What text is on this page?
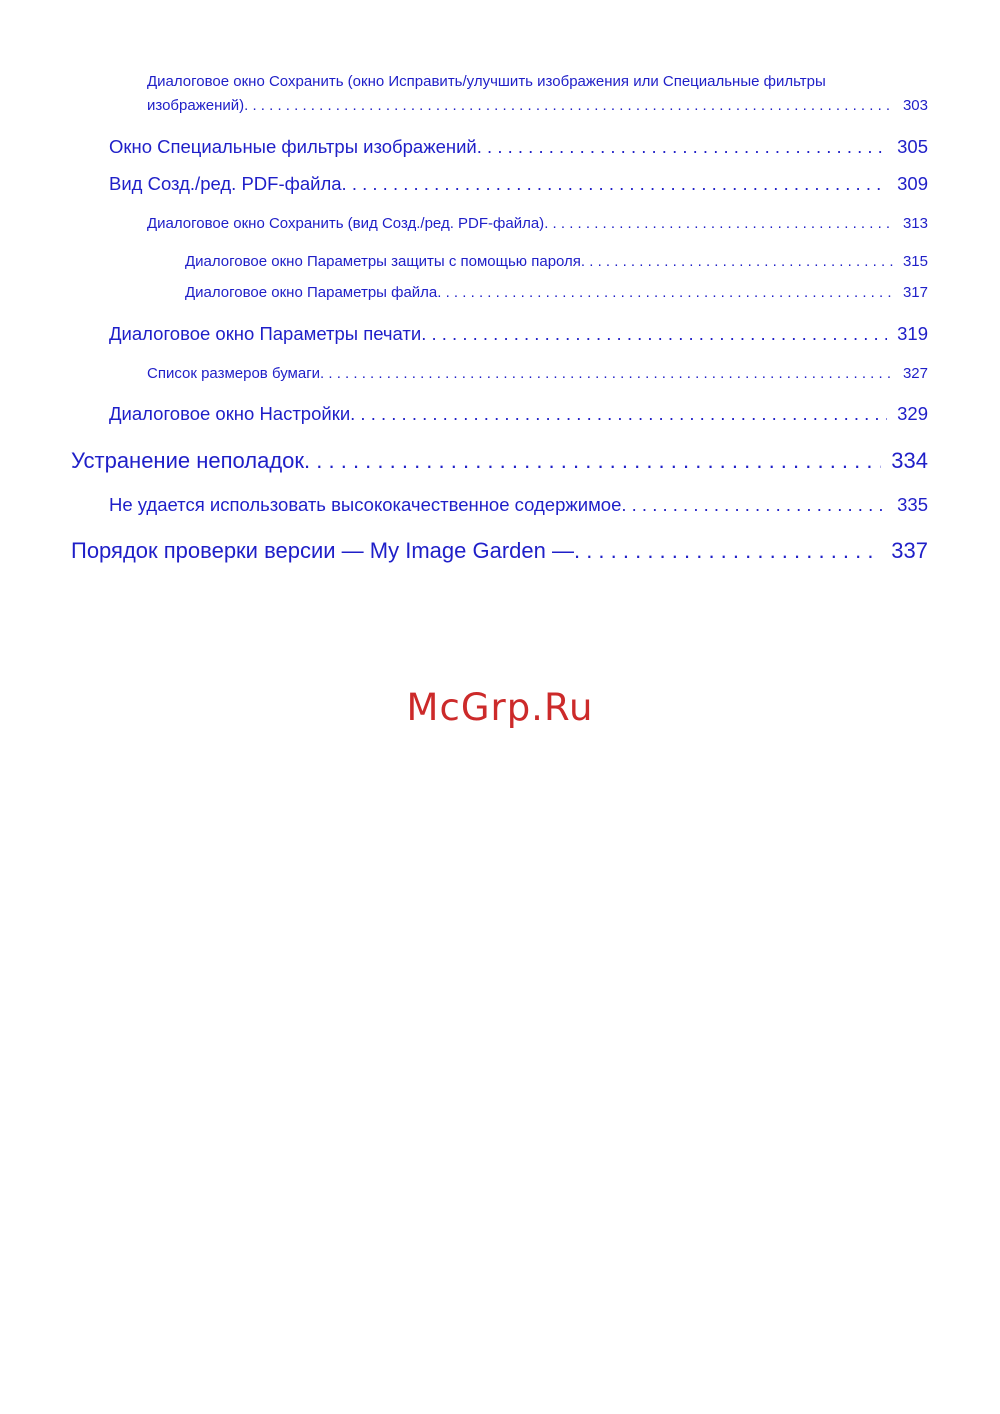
Диалоговое окно Сохранить (окно Исправить/улучшить изображения или Специальные фильтры
изображений) . . .	303
Окно Специальные фильтры изображений . . .	305
Вид Созд./ред. PDF-файла . . .	309
Диалоговое окно Сохранить (вид Созд./ред. PDF-файла) . . .	313
Диалоговое окно Параметры защиты с помощью пароля . . .	315
Диалоговое окно Параметры файла . . .	317
Диалоговое окно Параметры печати . . .	319
Список размеров бумаги . . .	327
Диалоговое окно Настройки . . .	329
Устранение неполадок . . .	334
Не удается использовать высококачественное содержимое . . .	335
Порядок проверки версии — My Image Garden — . . .	337
McGrp.Ru
